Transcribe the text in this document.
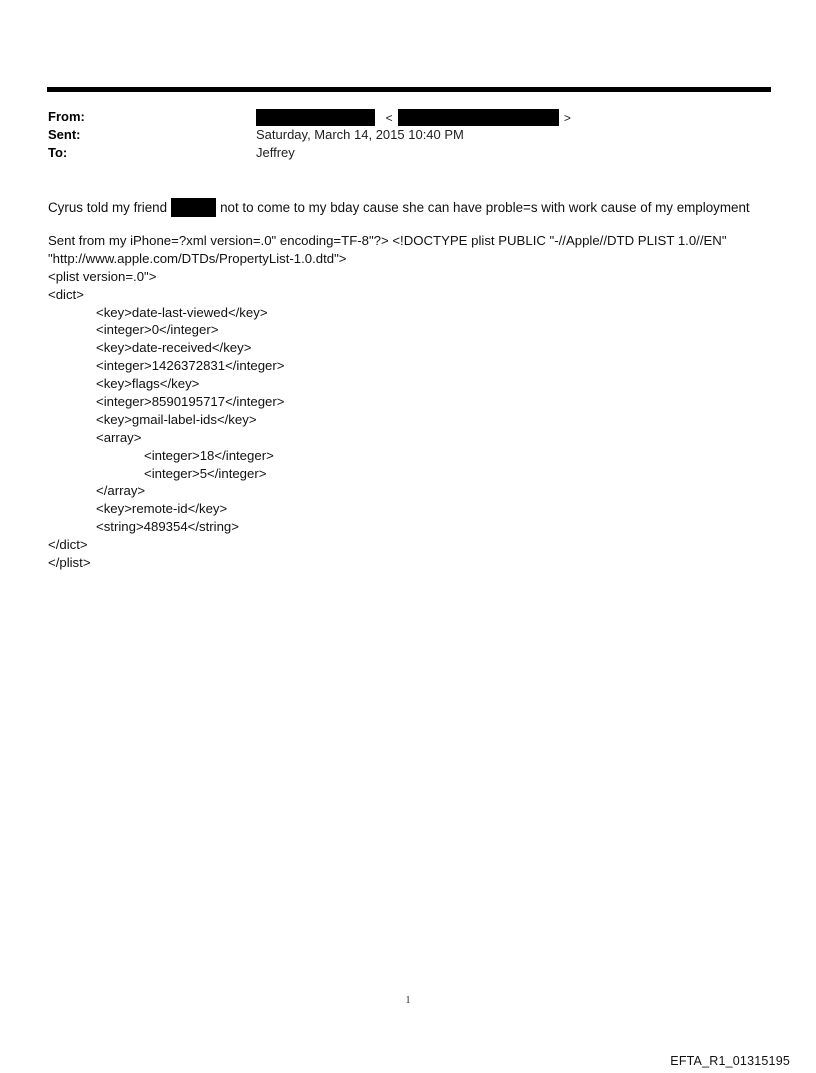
From:	<	>
Sent:	Saturday, March 14, 2015 10:40 PM
To:	Jeffrey
Cyrus told my friend	not to come to my bday cause she can have proble=s with work cause of my employment
Sent from my iPhone=?xml version=.0" encoding=TF-8"?> <!DOCTYPE plist PUBLIC "-//Apple//DTD PLIST 1.0//EN"
"http://www.apple.com/DTDs/PropertyList-1.0.dtd">
<plist version=.0">
<dict>
<key>date-last-viewed</key>
<integer>0</integer>
<key>date-received</key>
<integer>1426372831</integer>
<key>flags</key>
<integer>8590195717</integer>
<key>gmail-label-ids</key>
<array>
<integer>18</integer>
<integer>5</integer>
</array>
<key>remote-id</key>
<string>489354</string>
</dict>
</plist>
1
EFTA_R1_01315195
